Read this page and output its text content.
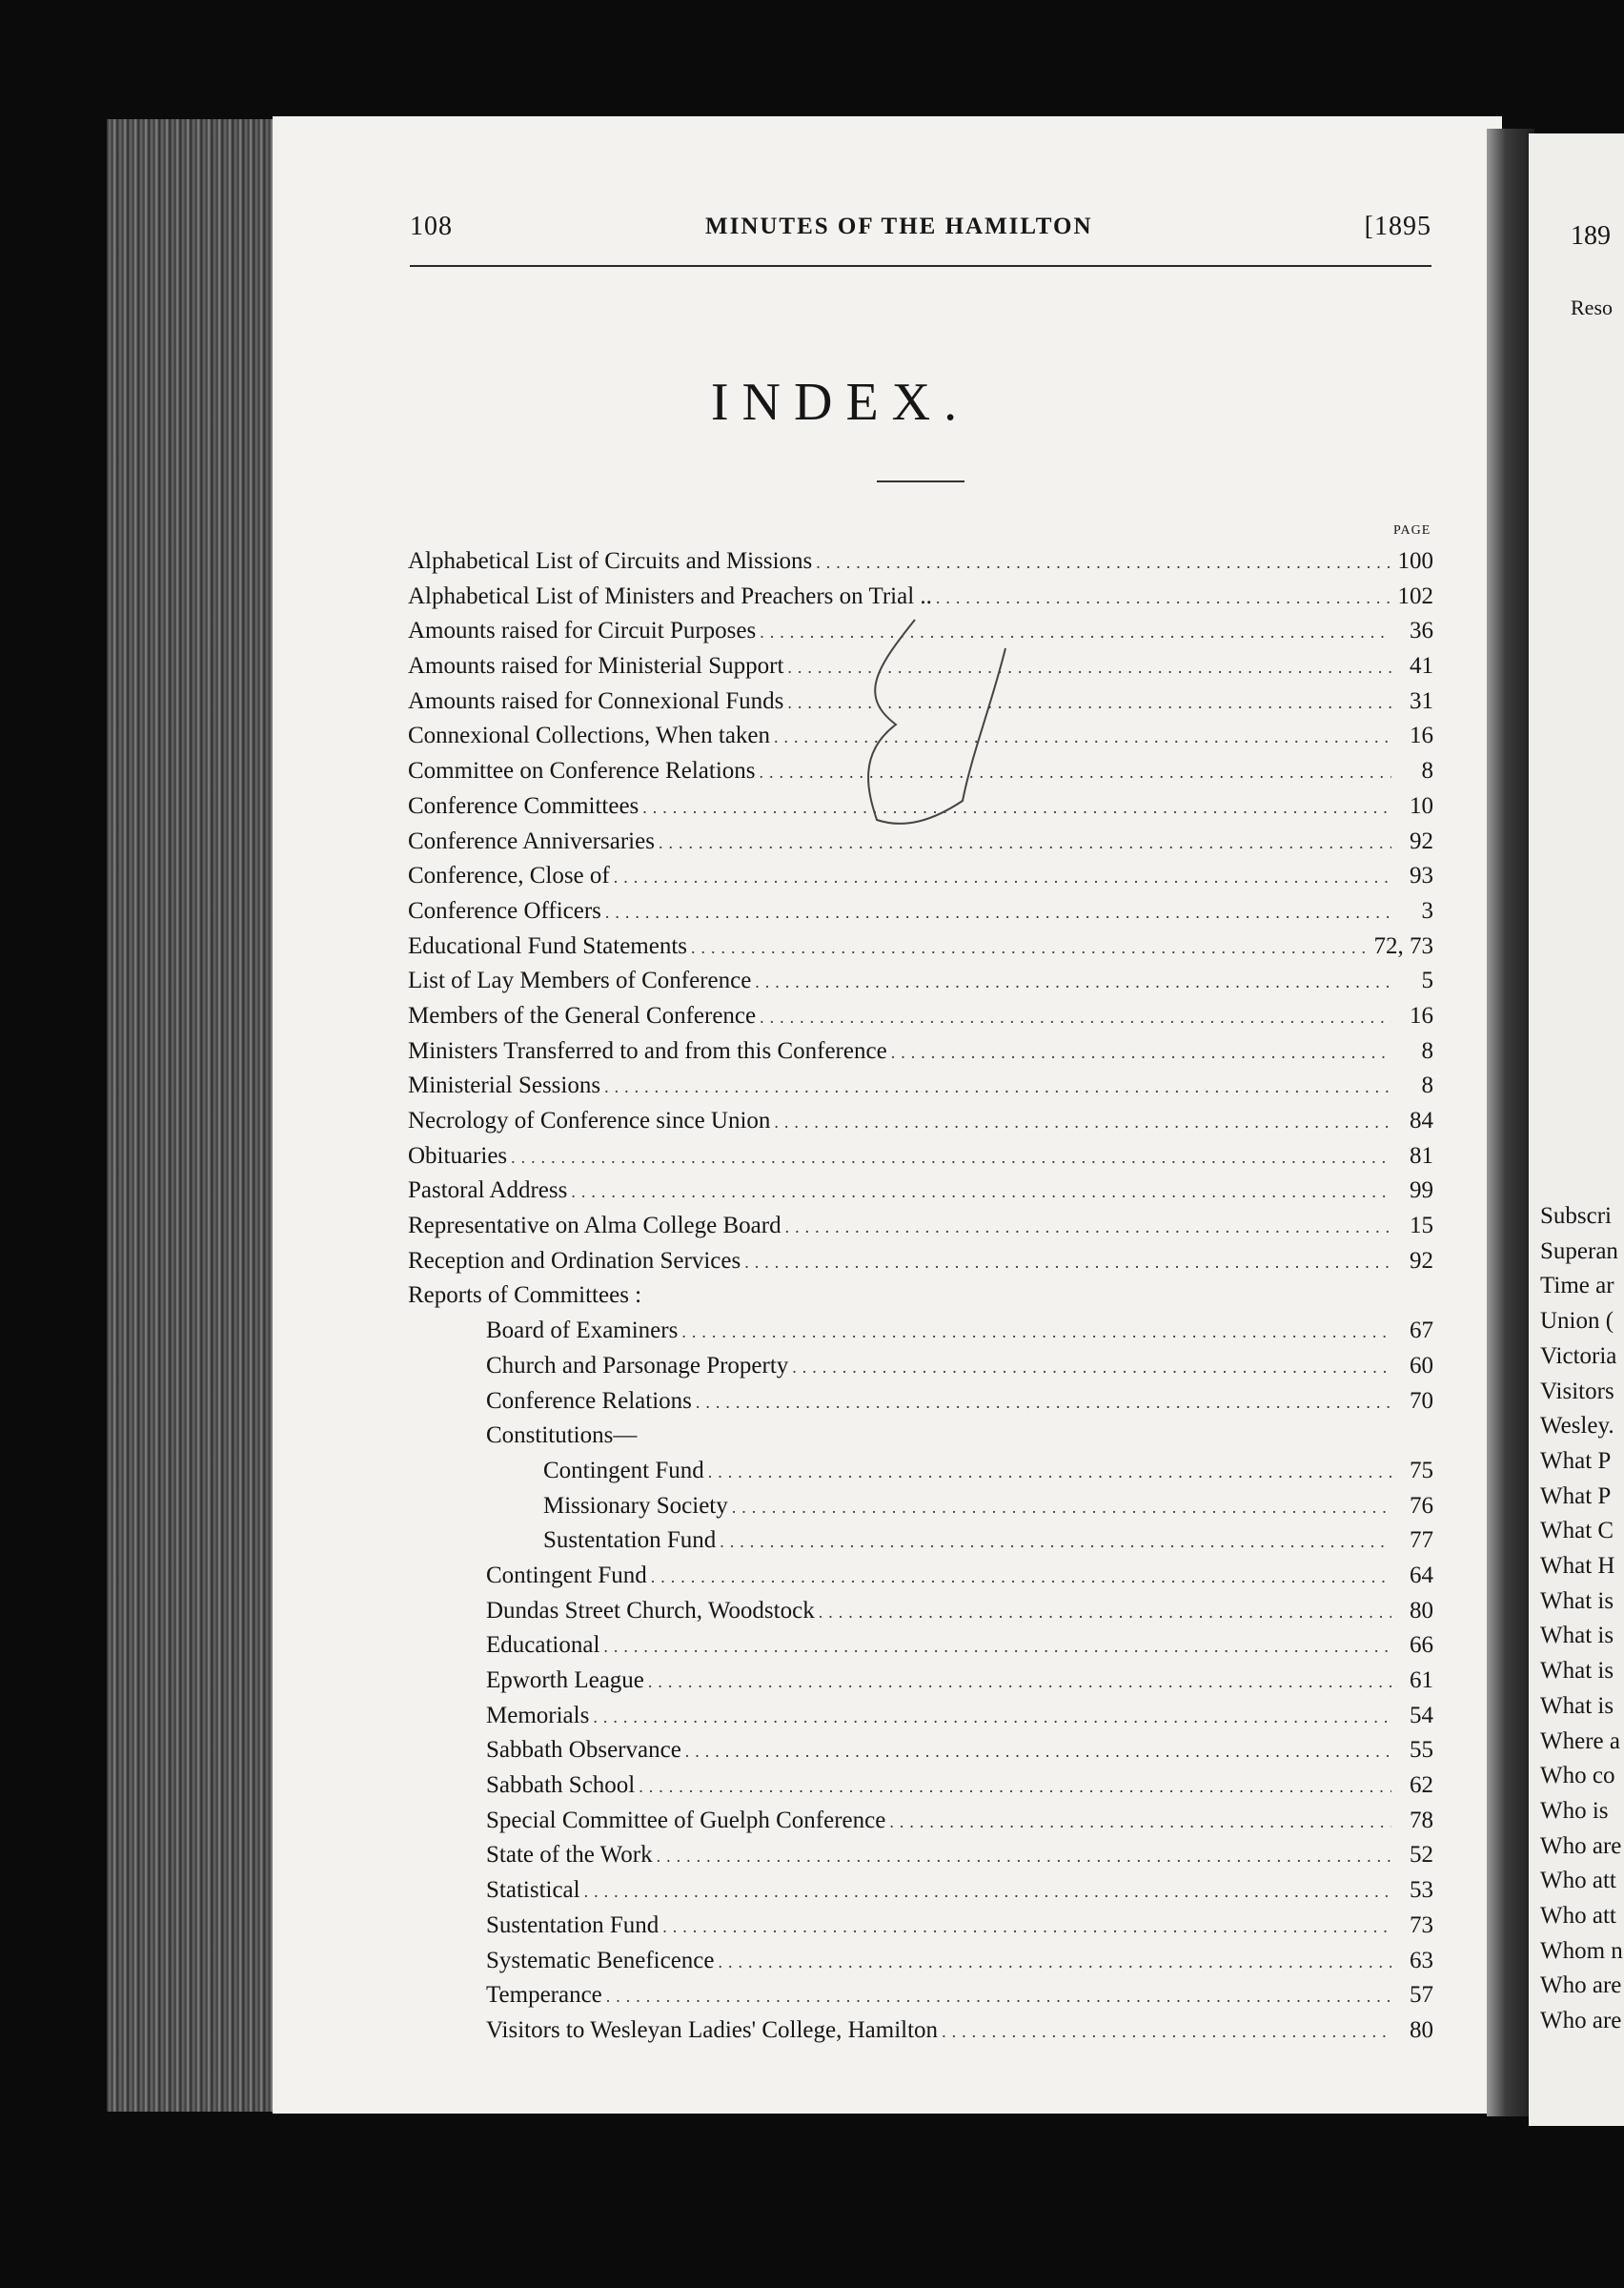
108	MINUTES OF THE HAMILTON	[1895
INDEX.
PAGE
Alphabetical List of Circuits and Missions .....	100
Alphabetical List of Ministers and Preachers on Trial .. .....	102
Amounts raised for Circuit Purposes .....	36
Amounts raised for Ministerial Support .....	41
Amounts raised for Connexional Funds .....	31
Connexional Collections, When taken .....	16
Committee on Conference Relations .....	8
Conference Committees .....	10
Conference Anniversaries .....	92
Conference, Close of .....	93
Conference Officers .....	3
Educational Fund Statements .....	72, 73
List of Lay Members of Conference .....	5
Members of the General Conference .....	16
Ministers Transferred to and from this Conference .....	8
Ministerial Sessions .....	8
Necrology of Conference since Union .....	84
Obituaries .....	81
Pastoral Address .....	99
Representative on Alma College Board .....	15
Reception and Ordination Services .....	92
Reports of Committees :
Board of Examiners .....	67
Church and Parsonage Property .....	60
Conference Relations .....	70
Constitutions—
Contingent Fund .....	75
Missionary Society .....	76
Sustentation Fund .....	77
Contingent Fund .....	64
Dundas Street Church, Woodstock .....	80
Educational .....	66
Epworth League .....	61
Memorials .....	54
Sabbath Observance .....	55
Sabbath School .....	62
Special Committee of Guelph Conference .....	78
State of the Work .....	52
Statistical .....	53
Sustentation Fund .....	73
Systematic Beneficence .....	63
Temperance .....	57
Visitors to Wesleyan Ladies' College, Hamilton .....	80
189
Reso
Subscri
Superan
Time ar
Union (
Victoria
Visitors
Wesley.
What P
What P
What C
What H
What is
What is
What is
What is
Where a
Who co
Who is
Who are
Who att
Who att
Whom n
Who are
Who are
